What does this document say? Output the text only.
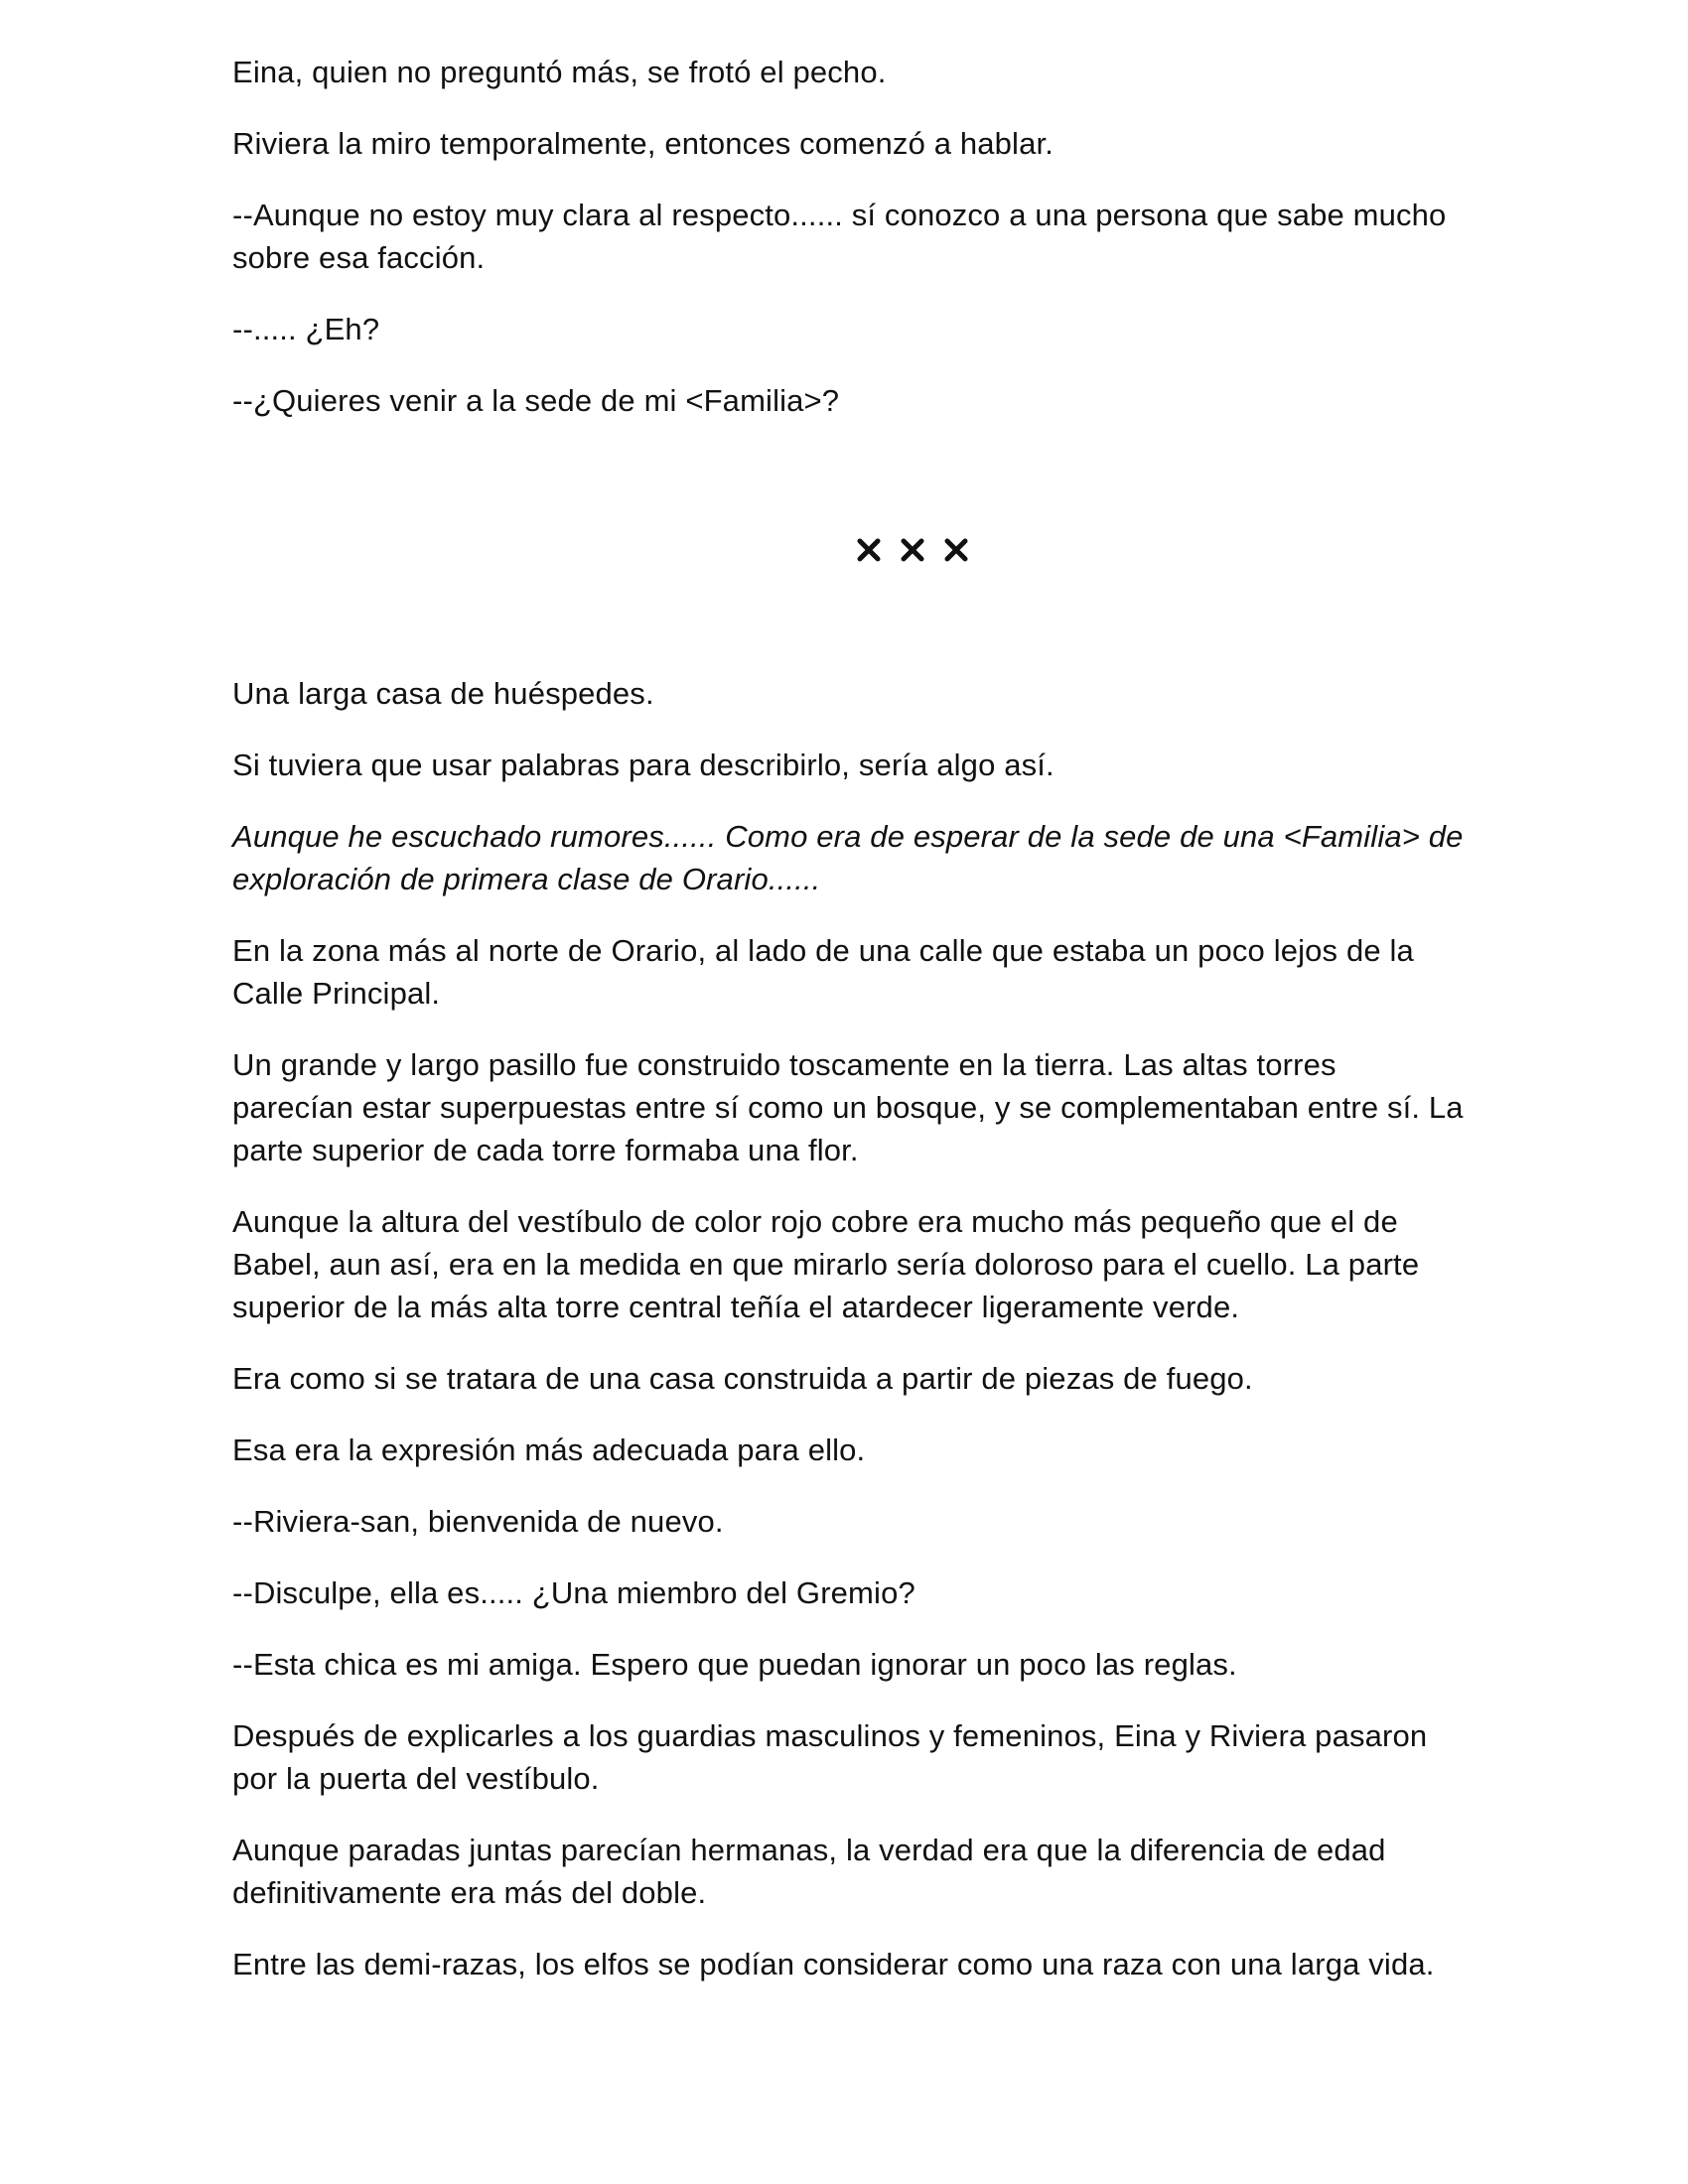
Eina, quien no preguntó más, se frotó el pecho.

Riviera la miro temporalmente, entonces comenzó a hablar.

--Aunque no estoy muy clara al respecto...... sí conozco a una persona que sabe mucho sobre esa facción.

--..... ¿Eh?

--¿Quieres venir a la sede de mi <Familia>?

Una larga casa de huéspedes.

Si tuviera que usar palabras para describirlo, sería algo así.

Aunque he escuchado rumores...... Como era de esperar de la sede de una <Familia> de exploración de primera clase de Orario......

En la zona más al norte de Orario, al lado de una calle que estaba un poco lejos de la Calle Principal.

Un grande y largo pasillo fue construido toscamente en la tierra. Las altas torres parecían estar superpuestas entre sí como un bosque, y se complementaban entre sí. La parte superior de cada torre formaba una flor.

Aunque la altura del vestíbulo de color rojo cobre era mucho más pequeño que el de Babel, aun así, era en la medida en que mirarlo sería doloroso para el cuello. La parte superior de la más alta torre central teñía el atardecer ligeramente verde.

Era como si se tratara de una casa construida a partir de piezas de fuego.

Esa era la expresión más adecuada para ello.

--Riviera-san, bienvenida de nuevo.

--Disculpe, ella es..... ¿Una miembro del Gremio?

--Esta chica es mi amiga. Espero que puedan ignorar un poco las reglas.

Después de explicarles a los guardias masculinos y femeninos, Eina y Riviera pasaron por la puerta del vestíbulo.

Aunque paradas juntas parecían hermanas, la verdad era que la diferencia de edad definitivamente era más del doble.

Entre las demi-razas, los elfos se podían considerar como una raza con una larga vida.
